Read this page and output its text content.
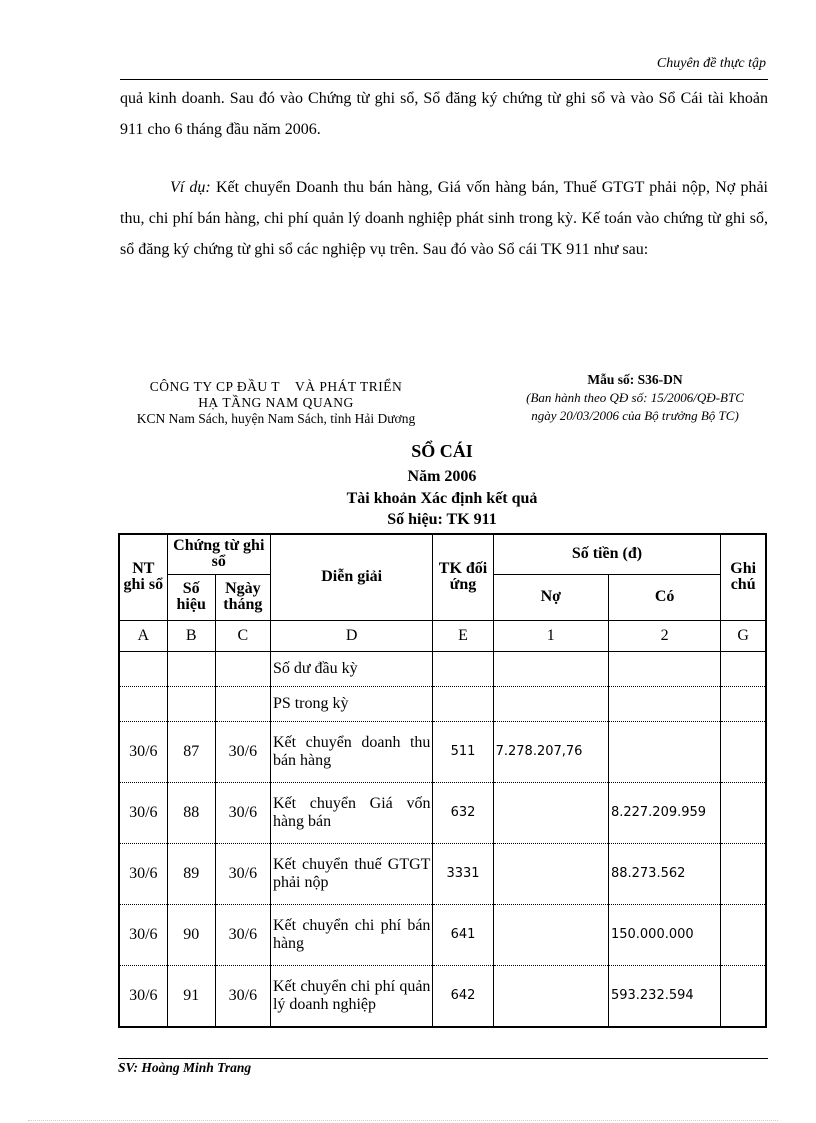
Chuyên đề thực tập
quả kinh doanh. Sau đó vào Chứng từ ghi sổ, Sổ đăng ký chứng từ ghi sổ và vào Sổ Cái tài khoản 911 cho 6 tháng đầu năm 2006.
Ví dụ: Kết chuyển Doanh thu bán hàng, Giá vốn hàng bán, Thuế GTGT phải nộp, Nợ phải thu, chi phí bán hàng, chi phí quản lý doanh nghiệp phát sinh trong kỳ. Kế toán vào chứng từ ghi sổ, sổ đăng ký chứng từ ghi sổ các nghiệp vụ trên. Sau đó vào Sổ cái TK 911 như sau:
CÔNG TY CP ĐẦU T    VÀ PHÁT TRIỂN
HẠ TẦNG NAM QUANG
KCN Nam Sách, huyện Nam Sách, tỉnh Hải Dương
Mẫu số: S36-DN
(Ban hành theo QĐ số: 15/2006/QĐ-BTC
ngày 20/03/2006 của Bộ trưởng Bộ TC)
SỔ CÁI
Năm 2006
Tài khoản Xác định kết quả
Số hiệu: TK 911
NT ghi sổ	Chứng từ ghi sổ		Diễn giải	TK đối ứng	Số tiền (đ)		Ghi chú
	Số hiệu	Ngày tháng			Nợ	Có	
A	B	C	D	E	1	2	G
			Số dư đầu kỳ				
			PS trong kỳ				
30/6	87	30/6	Kết chuyển doanh thu bán hàng	511	7.278.207,76		
30/6	88	30/6	Kết chuyển Giá vốn hàng bán	632		8.227.209.959	
30/6	89	30/6	Kết chuyển thuế GTGT phải nộp	3331		88.273.562	
30/6	90	30/6	Kết chuyển chi phí bán hàng	641		150.000.000	
30/6	91	30/6	Kết chuyển chi phí quản lý doanh nghiệp	642		593.232.594	
SV: Hoàng Minh Trang
